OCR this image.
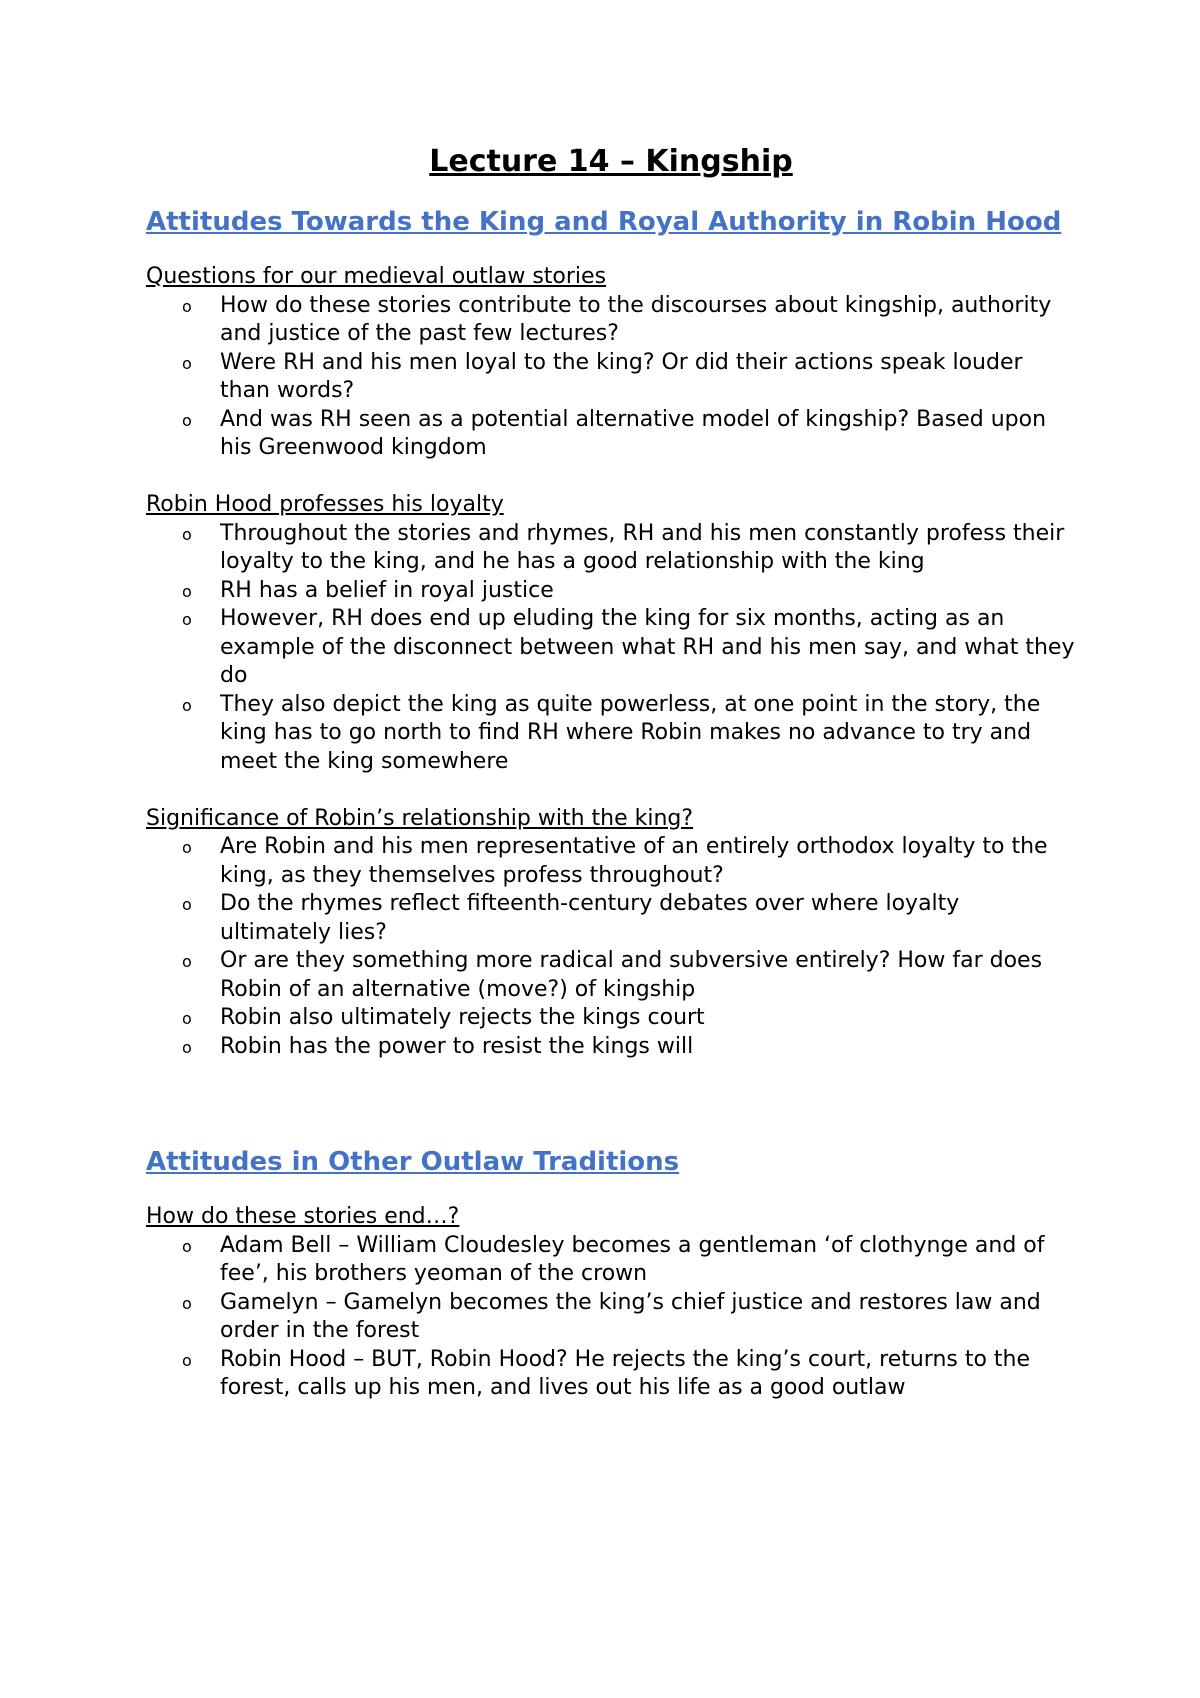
Lecture 14 – Kingship
Attitudes Towards the King and Royal Authority in Robin Hood

Questions for our medieval outlaw stories

o How do these stories contribute to the discourses about kingship, authority and justice of the past few lectures?
o Were RH and his men loyal to the king? Or did their actions speak louder than words?
o And was RH seen as a potential alternative model of kingship? Based upon his Greenwood kingdom

Robin Hood professes his loyalty

o Throughout the stories and rhymes, RH and his men constantly profess their loyalty to the king, and he has a good relationship with the king
o RH has a belief in royal justice
o However, RH does end up eluding the king for six months, acting as an example of the disconnect between what RH and his men say, and what they do
o They also depict the king as quite powerless, at one point in the story, the king has to go north to find RH where Robin makes no advance to try and meet the king somewhere

Significance of Robin’s relationship with the king?

o Are Robin and his men representative of an entirely orthodox loyalty to the king, as they themselves profess throughout?
o Do the rhymes reflect fifteenth-century debates over where loyalty ultimately lies?
o Or are they something more radical and subversive entirely? How far does Robin of an alternative (move?) of kingship
o Robin also ultimately rejects the kings court
o Robin has the power to resist the kings will
Attitudes in Other Outlaw Traditions

How do these stories end…?

o Adam Bell – William Cloudesley becomes a gentleman ‘of clothynge and of fee’, his brothers yeoman of the crown
o Gamelyn – Gamelyn becomes the king’s chief justice and restores law and order in the forest
o Robin Hood – BUT, Robin Hood? He rejects the king’s court, returns to the forest, calls up his men, and lives out his life as a good outlaw
